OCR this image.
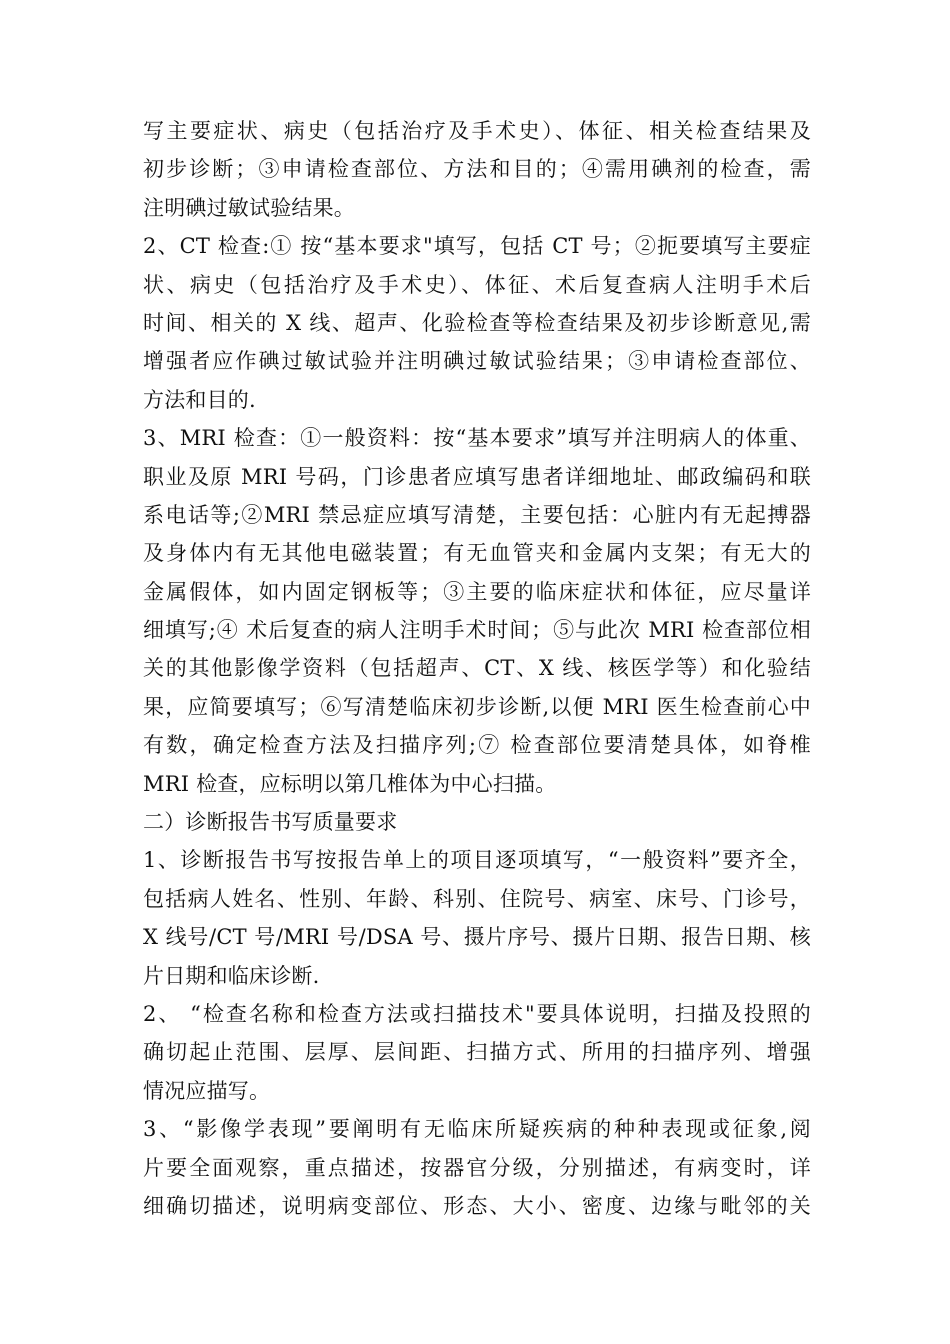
写主要症状、病史（包括治疗及手术史）、体征、相关检查结果及
初步诊断；③申请检查部位、方法和目的；④需用碘剂的检查，需
注明碘过敏试验结果。
2、CT 检查:① 按“基本要求"填写，包括 CT 号；②扼要填写主要症
状、病史（包括治疗及手术史）、体征、术后复查病人注明手术后
时间、相关的 X 线、超声、化验检查等检查结果及初步诊断意见,需
增强者应作碘过敏试验并注明碘过敏试验结果；③申请检查部位、
方法和目的.
3、MRI 检查：①一般资料：按“基本要求”填写并注明病人的体重、
职业及原 MRI 号码，门诊患者应填写患者详细地址、邮政编码和联
系电话等;②MRI 禁忌症应填写清楚，主要包括：心脏内有无起搏器
及身体内有无其他电磁装置；有无血管夹和金属内支架；有无大的
金属假体，如内固定钢板等；③主要的临床症状和体征，应尽量详
细填写;④ 术后复查的病人注明手术时间；⑤与此次 MRI 检查部位相
关的其他影像学资料（包括超声、CT、X 线、核医学等）和化验结
果，应简要填写；⑥写清楚临床初步诊断,以便 MRI 医生检查前心中
有数，确定检查方法及扫描序列;⑦ 检查部位要清楚具体，如脊椎
MRI 检查，应标明以第几椎体为中心扫描。
二）诊断报告书写质量要求
1、诊断报告书写按报告单上的项目逐项填写，“一般资料”要齐全，
包括病人姓名、性别、年龄、科别、住院号、病室、床号、门诊号，
X 线号/CT 号/MRI 号/DSA 号、摄片序号、摄片日期、报告日期、核
片日期和临床诊断.
2、 “检查名称和检查方法或扫描技术"要具体说明，扫描及投照的
确切起止范围、层厚、层间距、扫描方式、所用的扫描序列、增强
情况应描写。
3、“影像学表现”要阐明有无临床所疑疾病的种种表现或征象,阅
片要全面观察，重点描述，按器官分级，分别描述，有病变时，详
细确切描述，说明病变部位、形态、大小、密度、边缘与毗邻的关
